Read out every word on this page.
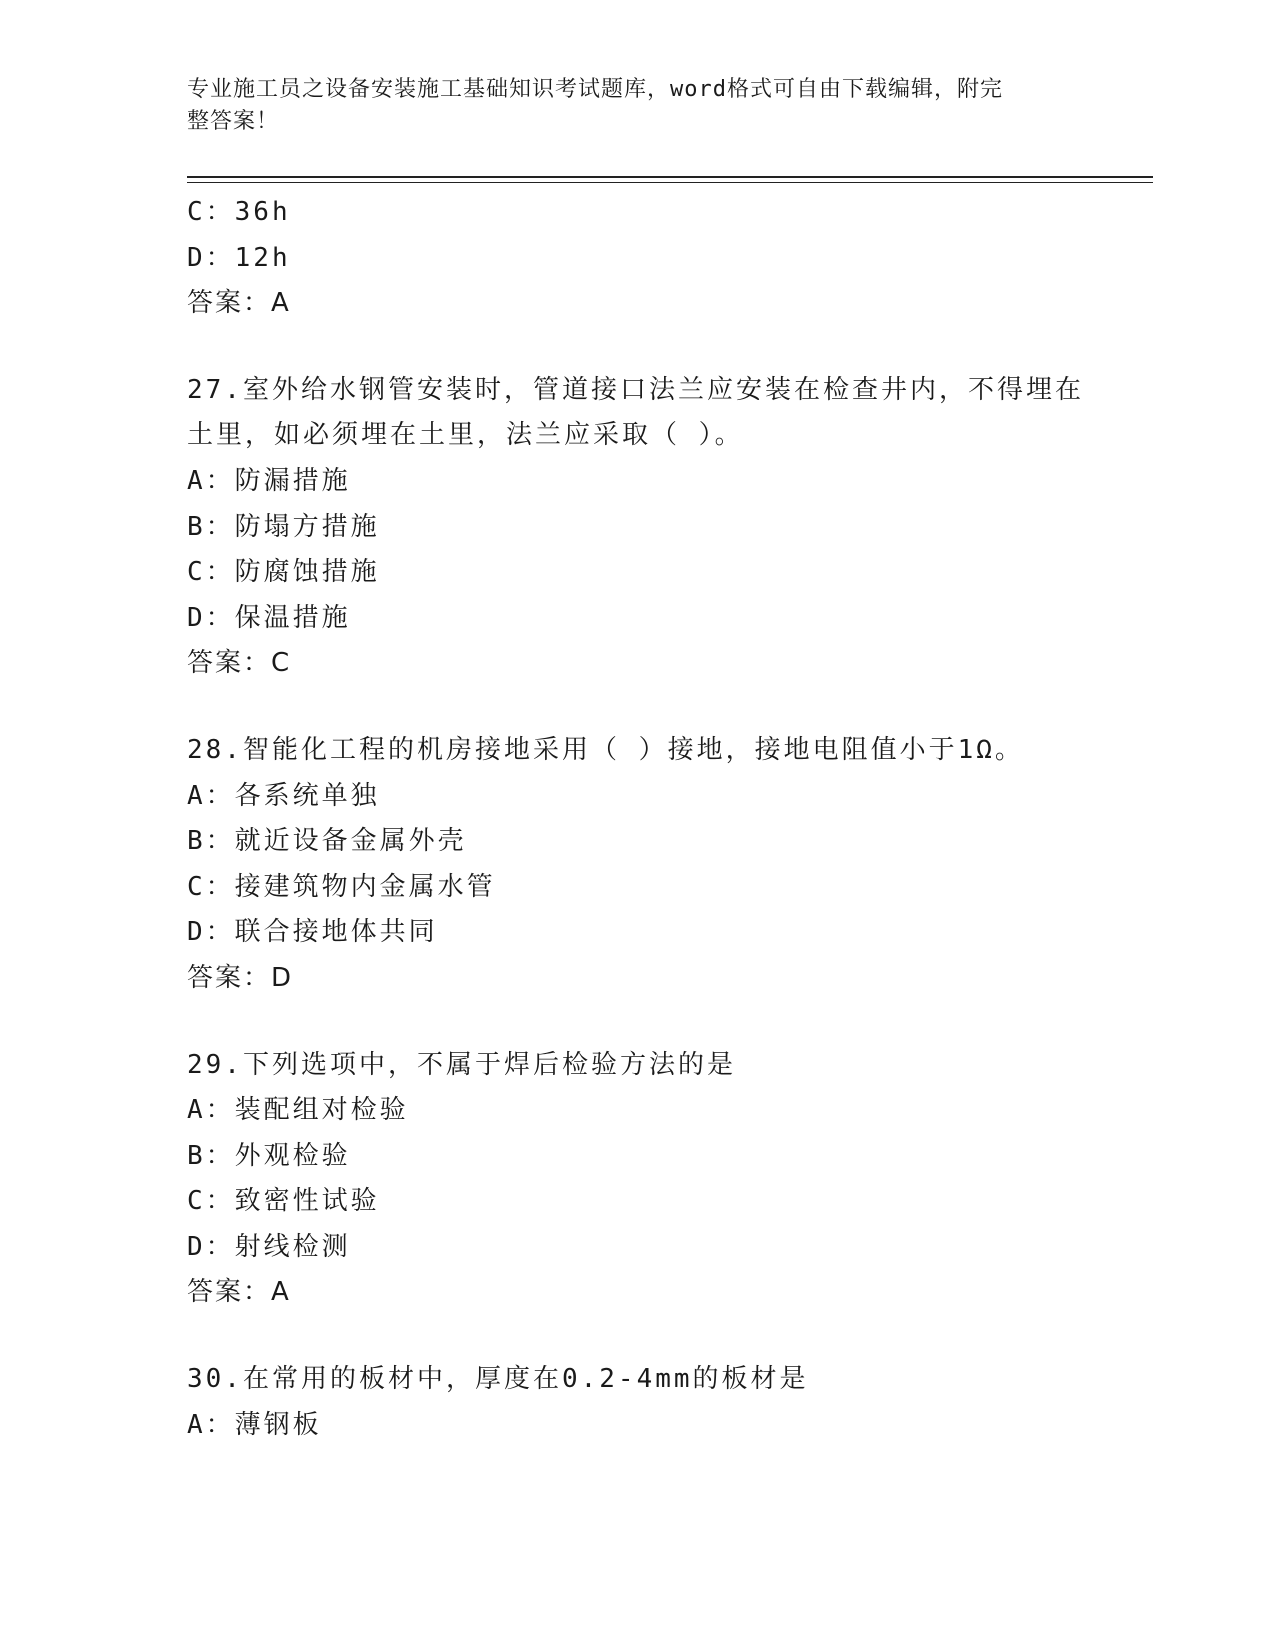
专业施工员之设备安装施工基础知识考试题库，word格式可自由下载编辑，附完
整答案！
C：36h
D：12h
答案：A
27.室外给水钢管安装时，管道接口法兰应安装在检查井内，不得埋在
土里，如必须埋在土里，法兰应采取（ ）。
A：防漏措施
B：防塌方措施
C：防腐蚀措施
D：保温措施
答案：C
28.智能化工程的机房接地采用（ ）接地，接地电阻值小于1Ω。
A：各系统单独
B：就近设备金属外壳
C：接建筑物内金属水管
D：联合接地体共同
答案：D
29.下列选项中，不属于焊后检验方法的是
A：装配组对检验
B：外观检验
C：致密性试验
D：射线检测
答案：A
30.在常用的板材中，厚度在0.2-4mm的板材是
A：薄钢板
